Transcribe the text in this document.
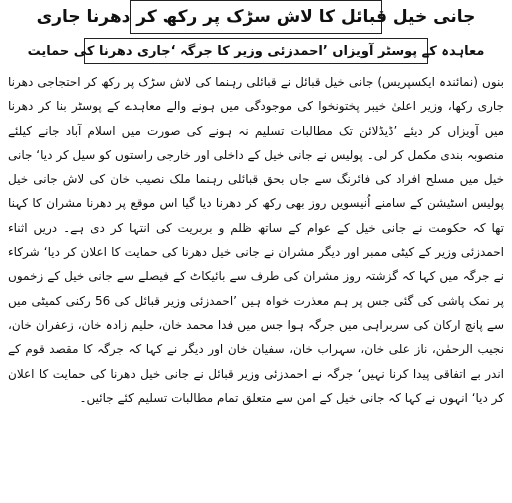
جانی خیل قبائل کا لاش سڑک پر رکھ کر دھرنا جاری
معاہدہ کے پوسٹر آویزاں ’احمدزئی وزیر کا جرگہ ‘جاری دھرنا کی حمایت
بنوں (نمائندہ ایکسپریس) جانی خیل قبائل نے قبائلی رہنما کی لاش سڑک پر رکھ کر احتجاجی دھرنا جاری رکھا، وزیر اعلیٰ خیبر پختونخوا کی موجودگی میں ہونے والے معاہدے کے پوسٹر بنا کر دھرنا میں آویزاں کر دیئے ’ڈیڈلائن تک مطالبات تسلیم نہ ہونے کی صورت میں اسلام آباد جانے کیلئے منصوبہ بندی مکمل کر لی۔ پولیس نے جانی خیل کے داخلی اور خارجی راستوں کو سیل کر دیا‘ جانی خیل میں مسلح افراد کی فائرنگ سے جاں بحق قبائلی رہنما ملک نصیب خان کی لاش جانی خیل پولیس اسٹیشن کے سامنے اُنیسویں روز بھی رکھ کر دھرنا دیا گیا اس موقع پر دھرنا مشران کا کہنا تھا کہ حکومت نے جانی خیل کے عوام کے ساتھ ظلم و بربریت کی انتہا کر دی ہے۔ دریں اثناء احمدزئی وزیر کے کیٹی ممبر اور دیگر مشران نے جانی خیل دھرنا کی حمایت کا اعلان کر دیا‘ شرکاء نے جرگہ میں کہا کہ گزشتہ روز مشران کی طرف سے بائیکاٹ کے فیصلے سے جانی خیل کے زخموں پر نمک پاشی کی گئی جس پر ہم معذرت خواہ ہیں ’احمدزئی وزیر قبائل کی 56 رکنی کمیٹی میں سے پانچ ارکان کی سربراہی میں جرگہ ہوا جس میں فدا محمد خان، حلیم زادہ خان، زعفران خان، نجیب الرحمٰن، ناز علی خان، سہراب خان، سفیان خان اور دیگر نے کہا کہ جرگہ کا مقصد قوم کے اندر بے اتفاقی پیدا کرنا نہیں‘ جرگہ نے احمدزئی وزیر قبائل نے جانی خیل دھرنا کی حمایت کا اعلان کر دیا‘ انہوں نے کہا کہ جانی خیل کے امن سے متعلق تمام مطالبات تسلیم کئے جائیں۔
